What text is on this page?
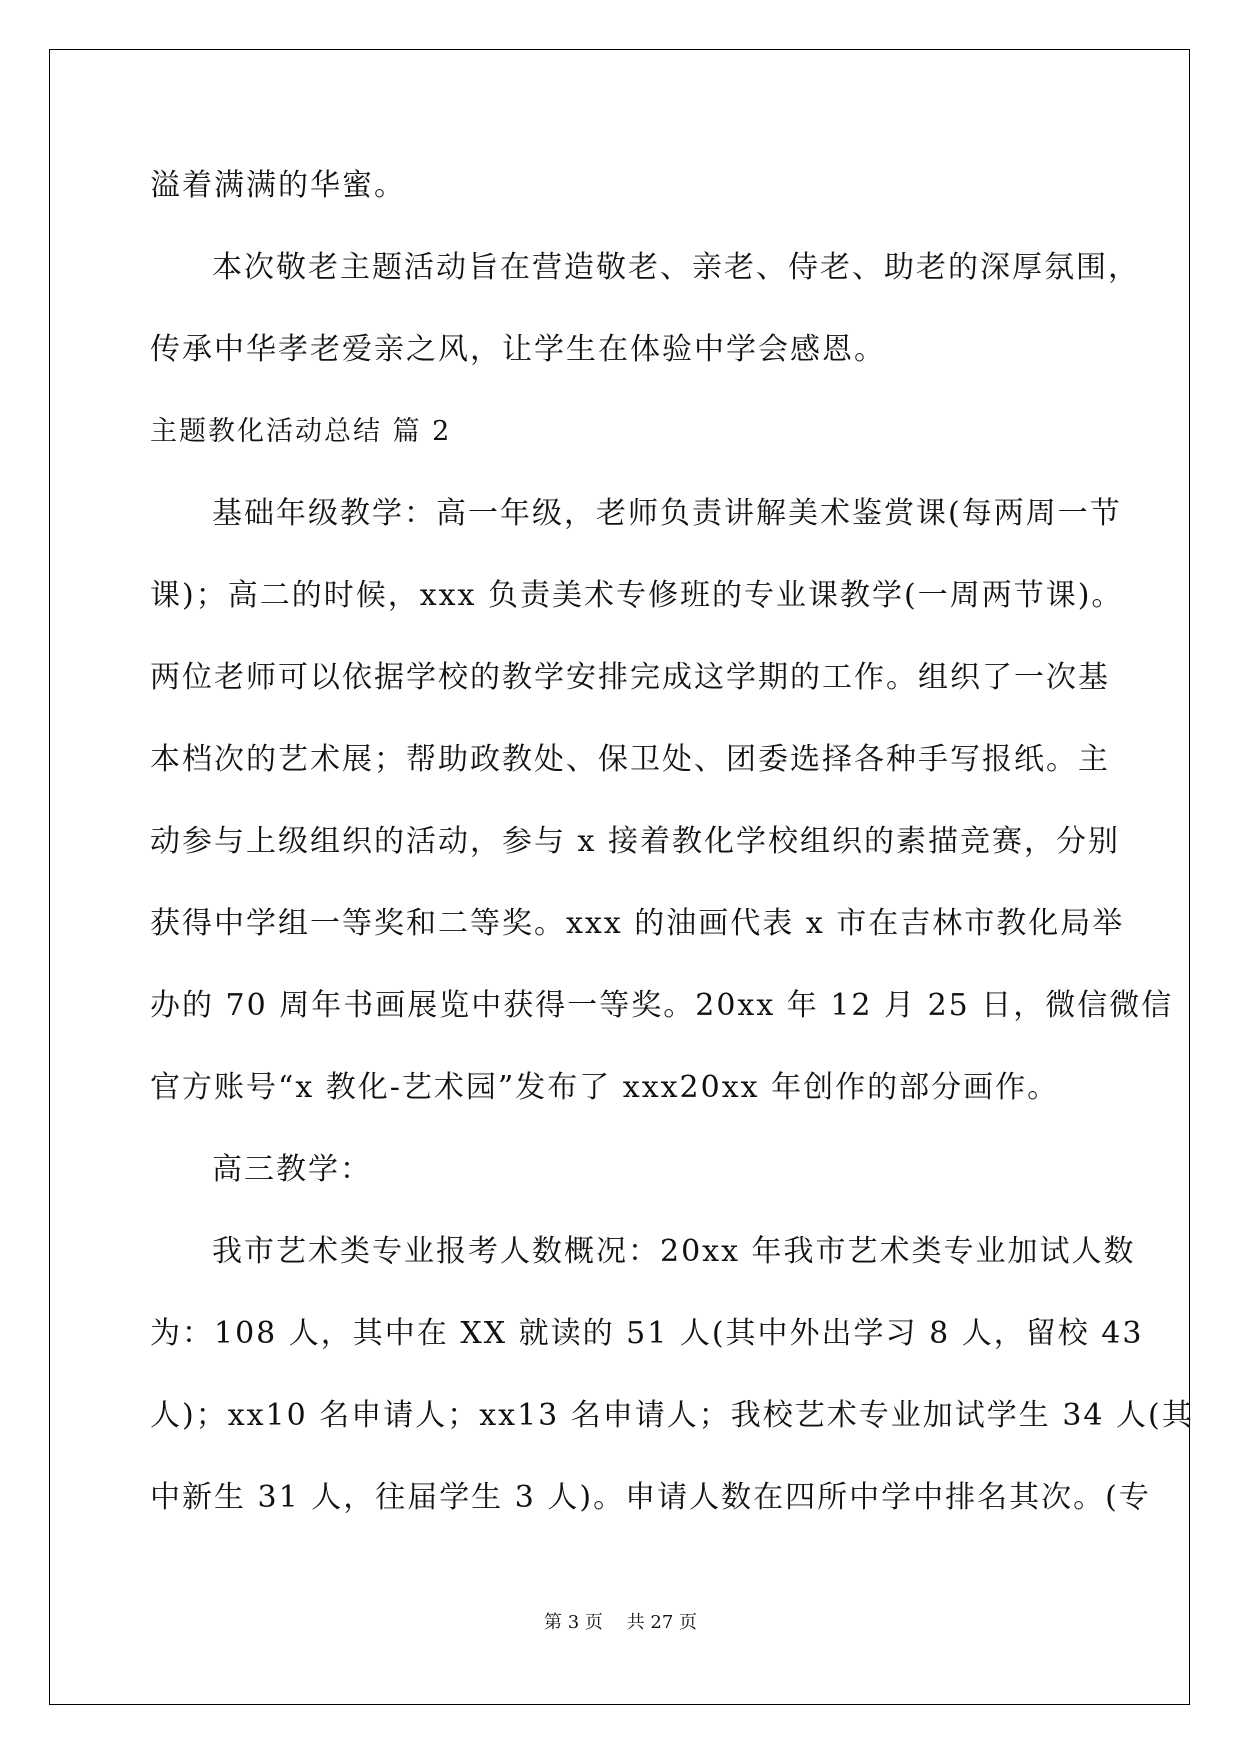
溢着满满的华蜜。
本次敬老主题活动旨在营造敬老、亲老、侍老、助老的深厚氛围，
传承中华孝老爱亲之风，让学生在体验中学会感恩。
主题教化活动总结 篇 2
基础年级教学：高一年级，老师负责讲解美术鉴赏课(每两周一节
课)；高二的时候，xxx 负责美术专修班的专业课教学(一周两节课)。
两位老师可以依据学校的教学安排完成这学期的工作。组织了一次基
本档次的艺术展；帮助政教处、保卫处、团委选择各种手写报纸。主
动参与上级组织的活动，参与 x 接着教化学校组织的素描竞赛，分别
获得中学组一等奖和二等奖。xxx 的油画代表 x 市在吉林市教化局举
办的 70 周年书画展览中获得一等奖。20xx 年 12 月 25 日，微信微信
官方账号“x 教化-艺术园”发布了 xxx20xx 年创作的部分画作。
高三教学：
我市艺术类专业报考人数概况：20xx 年我市艺术类专业加试人数
为：108 人，其中在 XX 就读的 51 人(其中外出学习 8 人，留校 43
人)；xx10 名申请人；xx13 名申请人；我校艺术专业加试学生 34 人(其
中新生 31 人，往届学生 3 人)。申请人数在四所中学中排名其次。(专
第 3 页 共 27 页
